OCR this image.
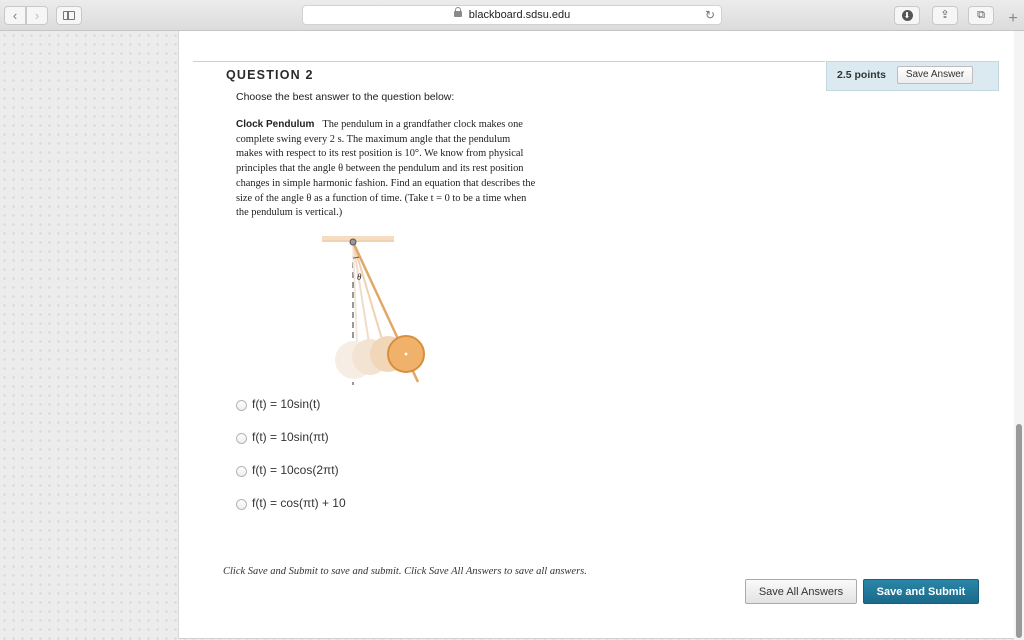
‹	›	blackboard.sdsu.edu	↻	⬇	⇪	⧉	+
QUESTION 2	2.5 points	Save Answer
Choose the best answer to the question below:
Clock Pendulum The pendulum in a grandfather clock makes one complete swing every 2 s. The maximum angle that the pendulum makes with respect to its rest position is 10°. We know from physical principles that the angle θ between the pendulum and its rest position changes in simple harmonic fashion. Find an equation that describes the size of the angle θ as a function of time. (Take t = 0 to be a time when the pendulum is vertical.)
θ
f(t) = 10sin(t)
f(t) = 10sin(πt)
f(t) = 10cos(2πt)
f(t) = cos(πt) + 10
Click Save and Submit to save and submit. Click Save All Answers to save all answers.
Save All Answers	Save and Submit
